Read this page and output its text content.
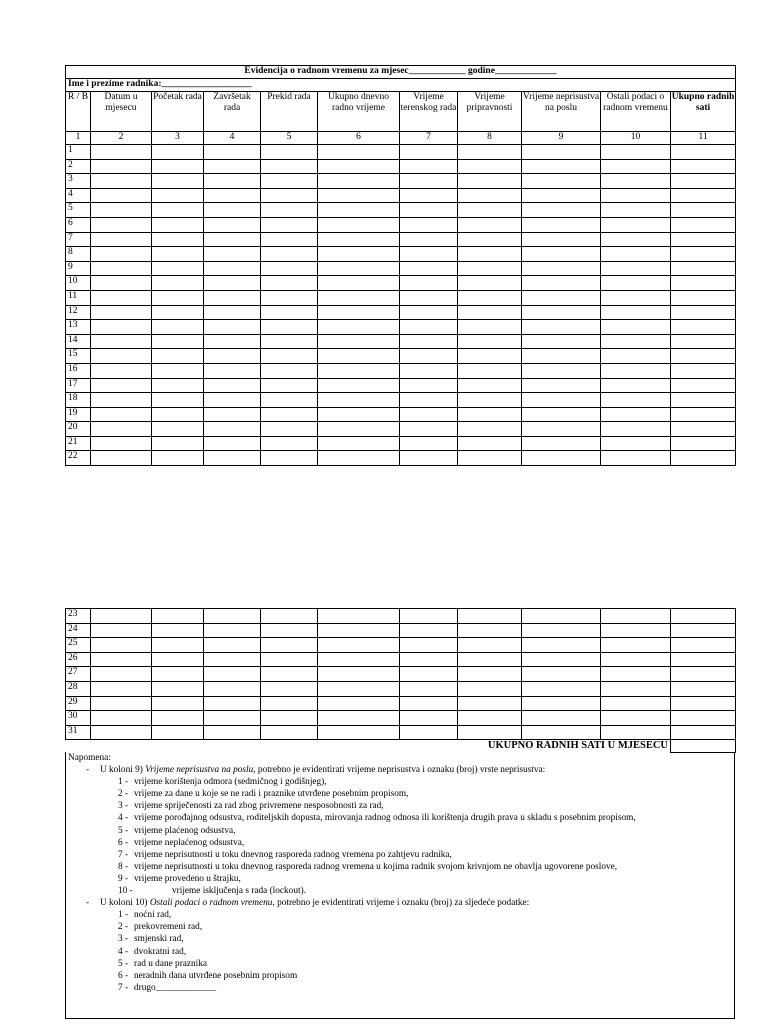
Evidencija o radnom vremenu za mjesec____________ godine_____________										
Ime i prezime radnika:___________________										
R / B	Datum u mjesecu	Početak rada	Završetak rada	Prekid rada	Ukupno dnevno radno vrijeme	Vrijeme terenskog rada	Vrijeme pripravnosti	Vrijeme neprisustva na poslu	Ostali podaci o radnom vremenu	Ukupno radnih sati
1	2	3	4	5	6	7	8	9	10	11
1										
2										
3										
4										
5										
6										
7										
8										
9										
10										
11										
12										
13										
14										
15										
16										
17										
18										
19										
20										
21										
22										
23										
24										
25										
26										
27										
28										
29										
30										
31										
UKUPNO RADNIH SATI U MJESECU										
Napomena:
- U koloni 9) Vrijeme neprisustva na poslu, potrebno je evidentirati vrijeme neprisustva i oznaku (broj) vrste neprisustva:
1 - vrijeme korištenja odmora (sedmičnog i godišnjeg),
2 - vrijeme za dane u koje se ne radi i praznike utvrđene posebnim propisom,
3 - vrijeme spriječenosti za rad zbog privremene nesposobnosti za rad,
4 - vrijeme porođajnog odsustva, roditeljskih dopusta, mirovanja radnog odnosa ili korištenja drugih prava u skladu s posebnim propisom,
5 - vrijeme plaćenog odsustva,
6 - vrijeme neplaćenog odsustva,
7 - vrijeme neprisutnosti u toku dnevnog rasporeda radnog vremena po zahtjevu radnika,
8 - vrijeme neprisutnosti u toku dnevnog rasporeda radnog vremena u kojima radnik svojom krivnjom ne obavlja ugovorene poslove,
9 - vrijeme provedeno u štrajku,
10 -	vrijeme isključenja s rada (lockout).
- U koloni 10) Ostali podaci o radnom vremenu, potrebno je evidentirati vrijeme i oznaku (broj) za sljedeće podatke:
1 - noćni rad,
2 - prekovremeni rad,
3 - smjenski rad,
4 - dvokratni rad,
5 - rad u dane praznika
6 - neradnih dana utvrđene posebnim propisom
7 - drugo_____________
